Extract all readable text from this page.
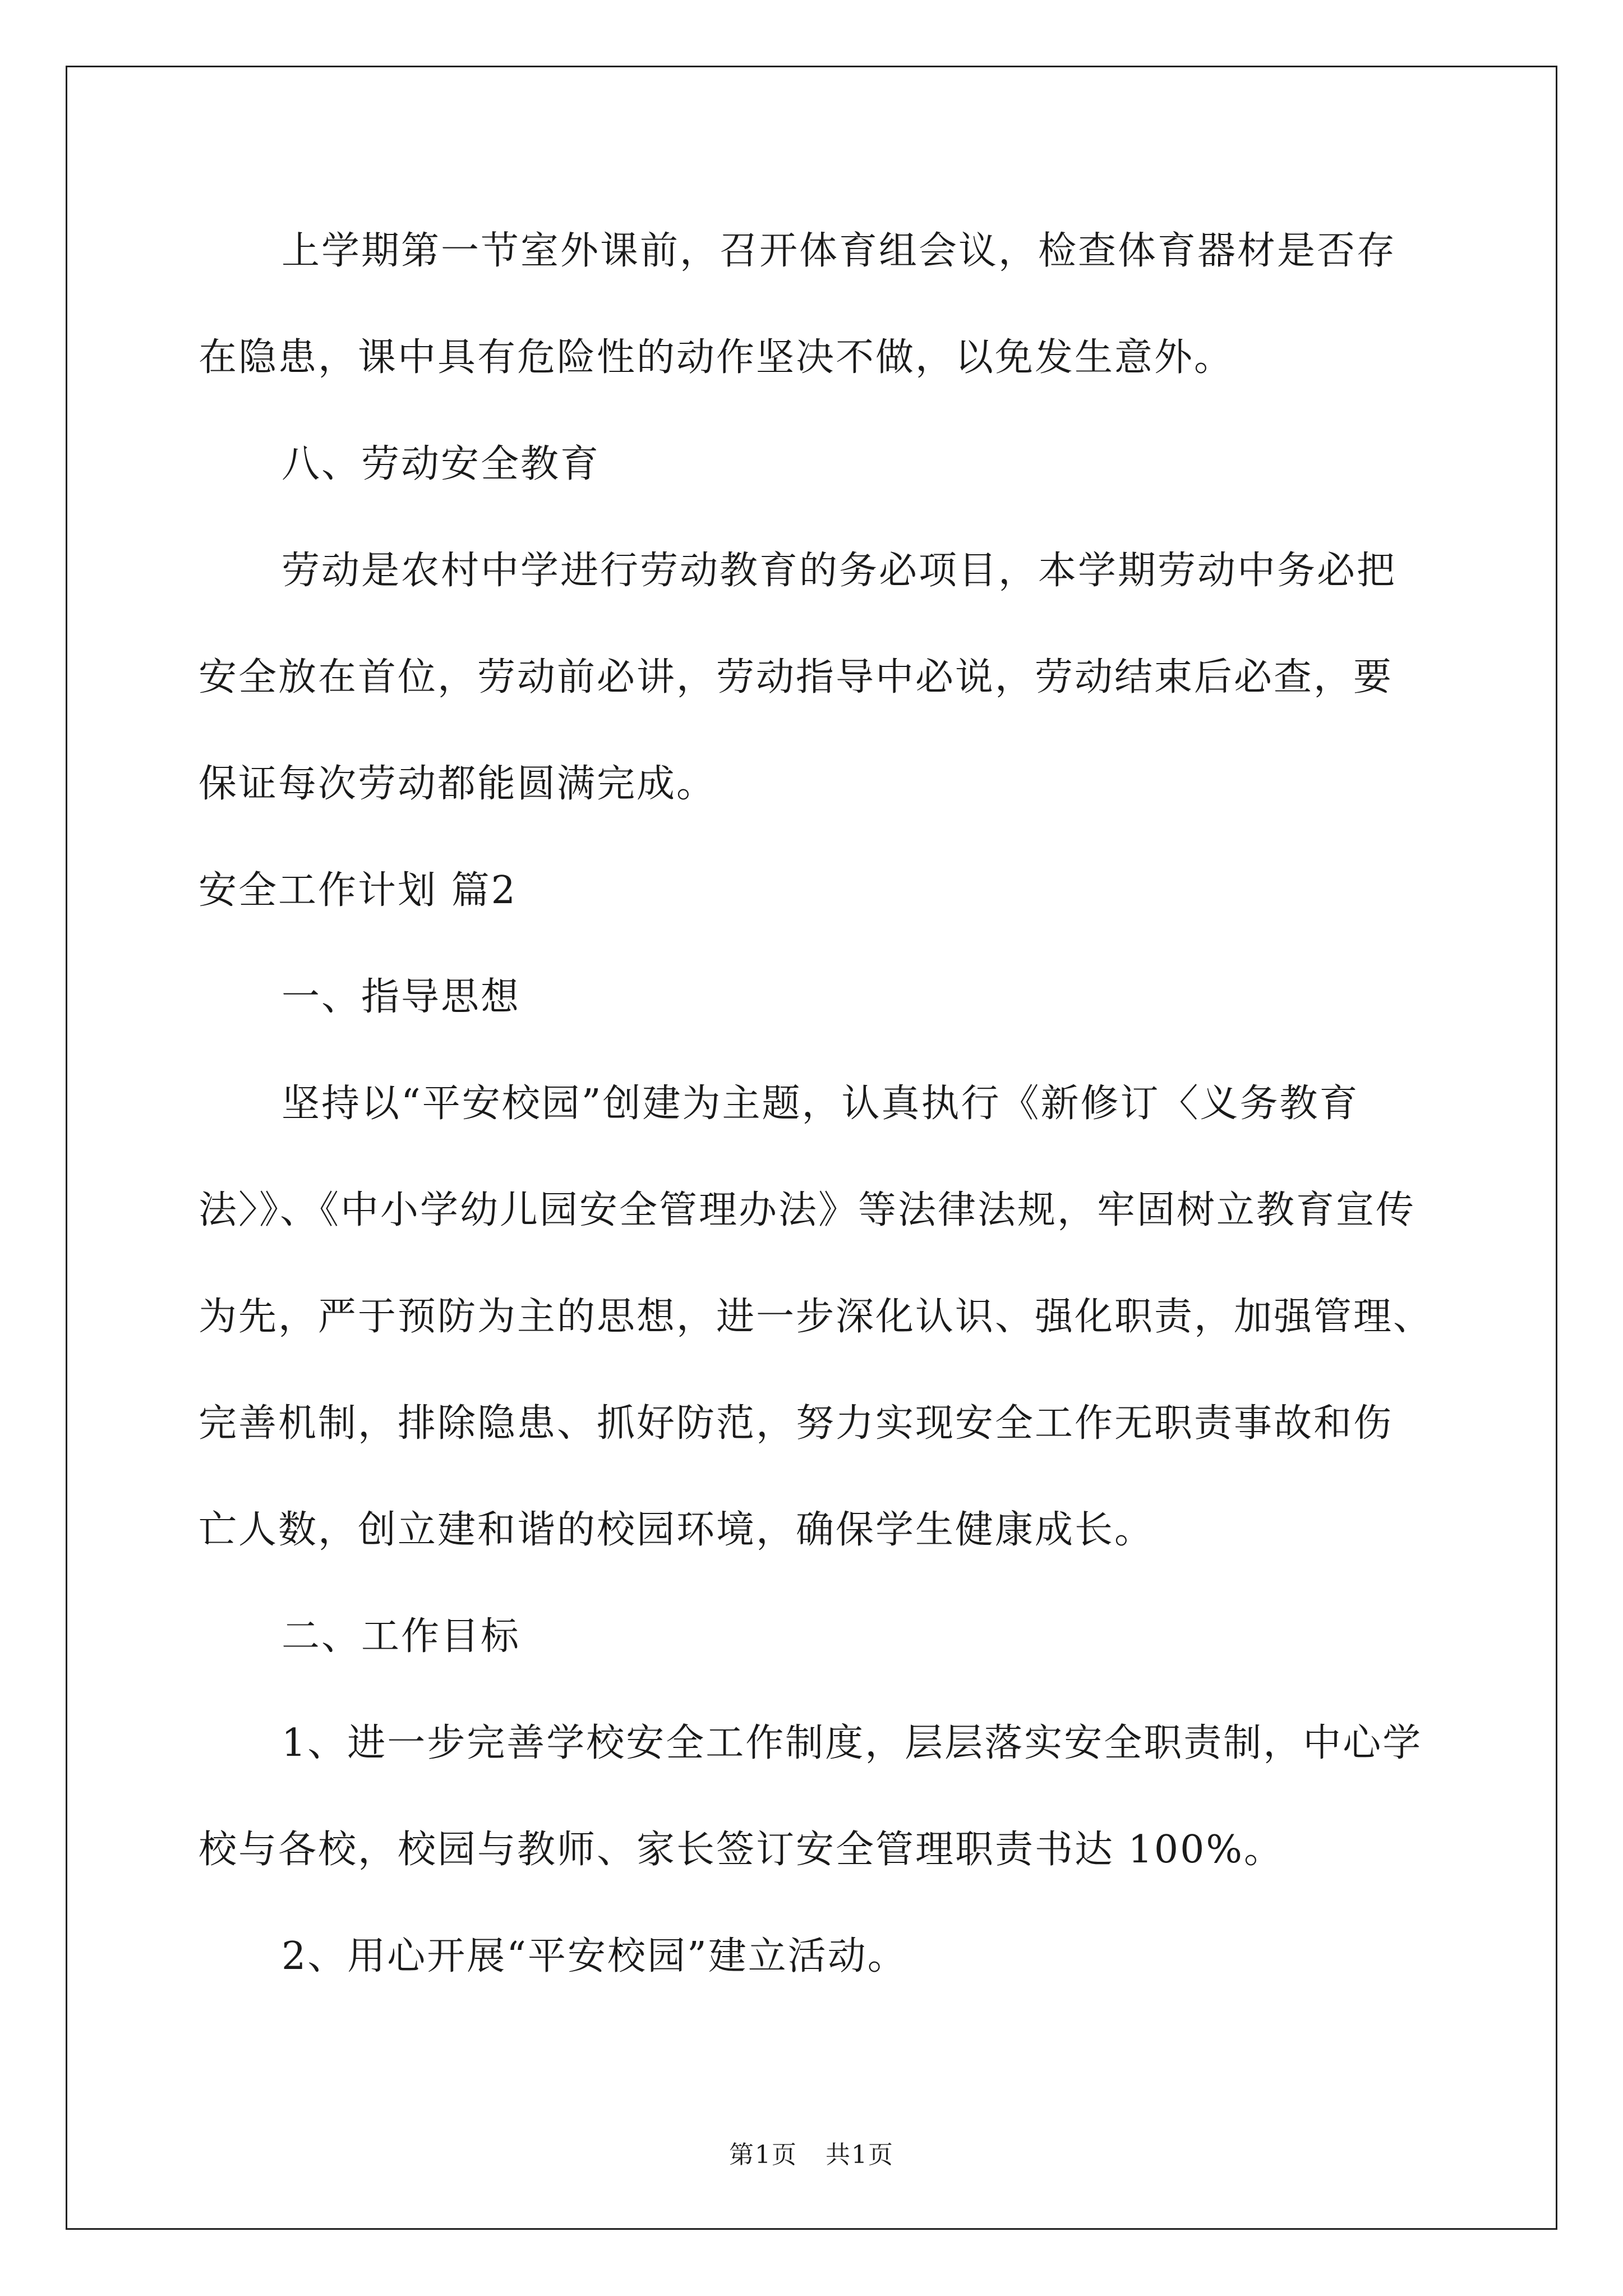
上学期第一节室外课前，召开体育组会议，检查体育器材是否存
在隐患，课中具有危险性的动作坚决不做，以免发生意外。
八、劳动安全教育
劳动是农村中学进行劳动教育的务必项目，本学期劳动中务必把
安全放在首位，劳动前必讲，劳动指导中必说，劳动结束后必查，要
保证每次劳动都能圆满完成。
安全工作计划 篇2
一、指导思想
坚持以“平安校园”创建为主题，认真执行《新修订〈义务教育
法〉》、《中小学幼儿园安全管理办法》等法律法规，牢固树立教育宣传
为先，严于预防为主的思想，进一步深化认识、强化职责，加强管理、
完善机制，排除隐患、抓好防范，努力实现安全工作无职责事故和伤
亡人数，创立建和谐的校园环境，确保学生健康成长。
二、工作目标
1、进一步完善学校安全工作制度，层层落实安全职责制，中心学
校与各校，校园与教师、家长签订安全管理职责书达 100%。
2、用心开展“平安校园”建立活动。
第1页 共1页
